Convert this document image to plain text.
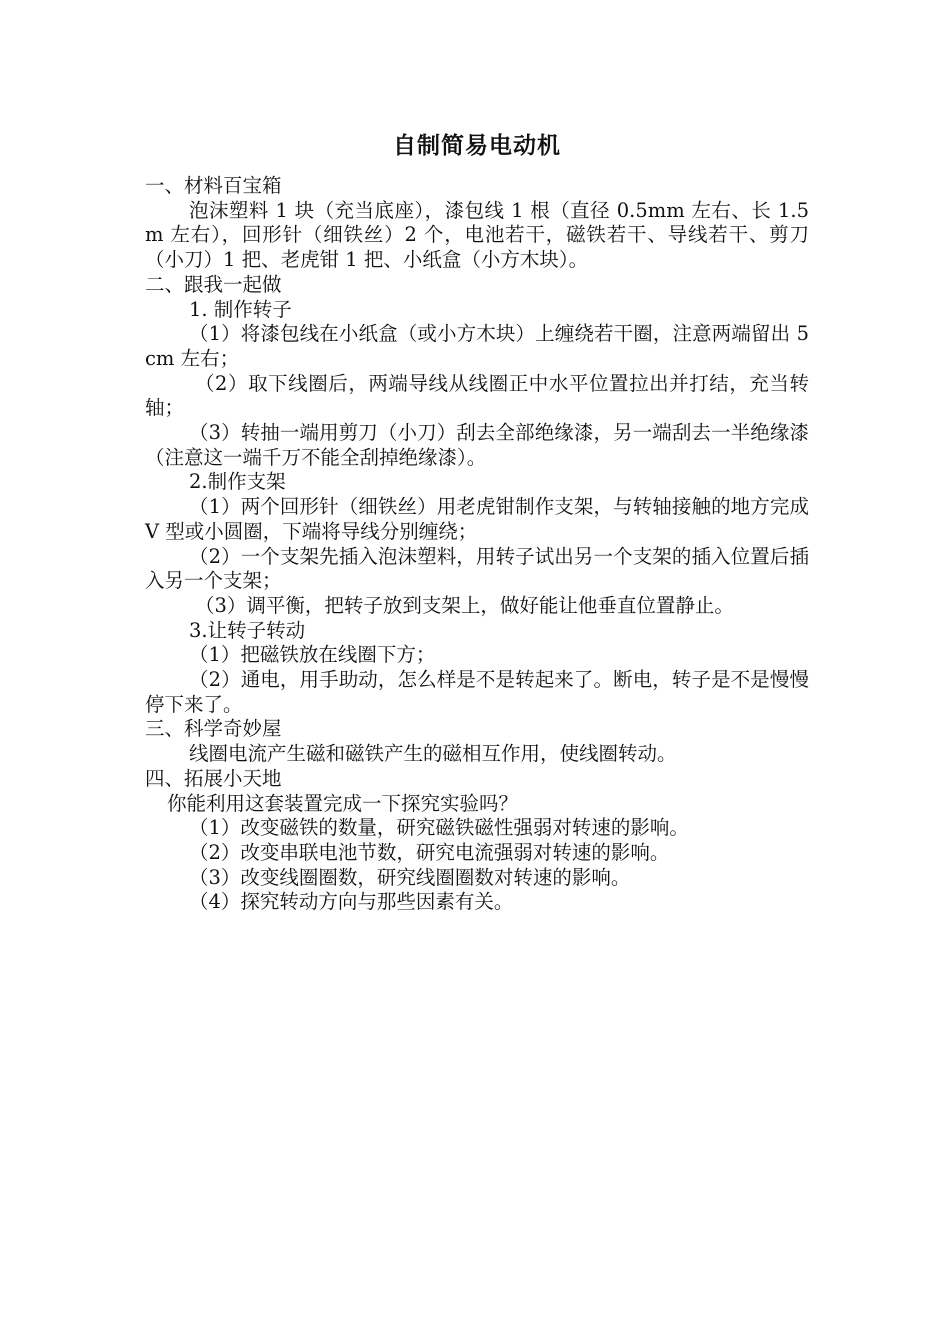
自制简易电动机

一、材料百宝箱

泡沫塑料 1 块（充当底座），漆包线 1 根（直径 0.5mm 左右、长 1.5m 左右），回形针（细铁丝）2 个，电池若干，磁铁若干、导线若干、剪刀（小刀）1 把、老虎钳 1 把、小纸盒（小方木块）。

二、跟我一起做

1. 制作转子

（1）将漆包线在小纸盒（或小方木块）上缠绕若干圈，注意两端留出 5cm 左右；

（2）取下线圈后，两端导线从线圈正中水平位置拉出并打结，充当转轴；

（3）转抽一端用剪刀（小刀）刮去全部绝缘漆，另一端刮去一半绝缘漆（注意这一端千万不能全刮掉绝缘漆）。

2.制作支架

（1）两个回形针（细铁丝）用老虎钳制作支架，与转轴接触的地方完成 V 型或小圆圈，下端将导线分别缠绕；

（2）一个支架先插入泡沫塑料，用转子试出另一个支架的插入位置后插入另一个支架；

（3）调平衡，把转子放到支架上，做好能让他垂直位置静止。

3.让转子转动

（1）把磁铁放在线圈下方；

（2）通电，用手助动，怎么样是不是转起来了。断电，转子是不是慢慢停下来了。

三、科学奇妙屋

线圈电流产生磁和磁铁产生的磁相互作用，使线圈转动。

四、拓展小天地

你能利用这套装置完成一下探究实验吗？

（1）改变磁铁的数量，研究磁铁磁性强弱对转速的影响。

（2）改变串联电池节数，研究电流强弱对转速的影响。

（3）改变线圈圈数，研究线圈圈数对转速的影响。

（4）探究转动方向与那些因素有关。
